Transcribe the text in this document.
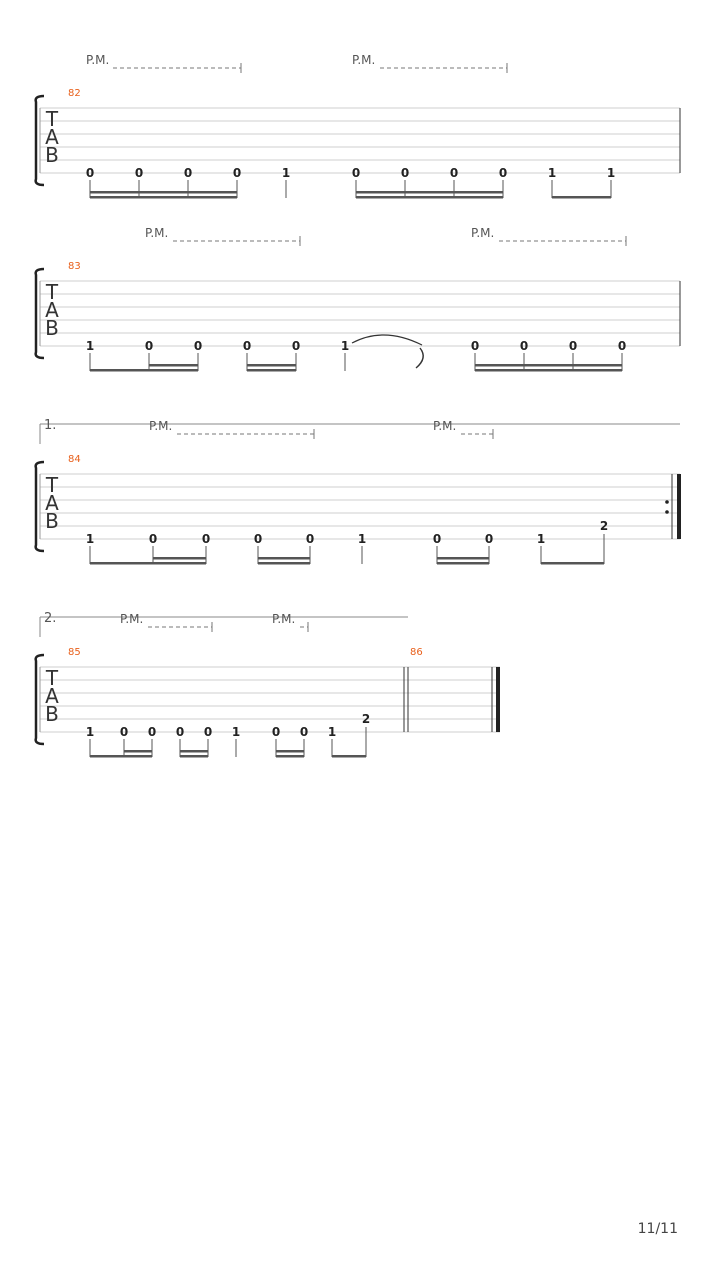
P.M.	P.M.
82
T
A
B
0	0	0	0	1	0	0	0	0	1	1
P.M.	P.M.
83
T
A
B
1	0	0	0	0	1	0	0	0	0
1.	P.M.	P.M.
84
T
A
B
1	0	0	0	0	1	0	0	1
2
2.	P.M.	P.M.
85	86
T
A
B
1 0 0 0 0 1	0 0 1
2
11/11
